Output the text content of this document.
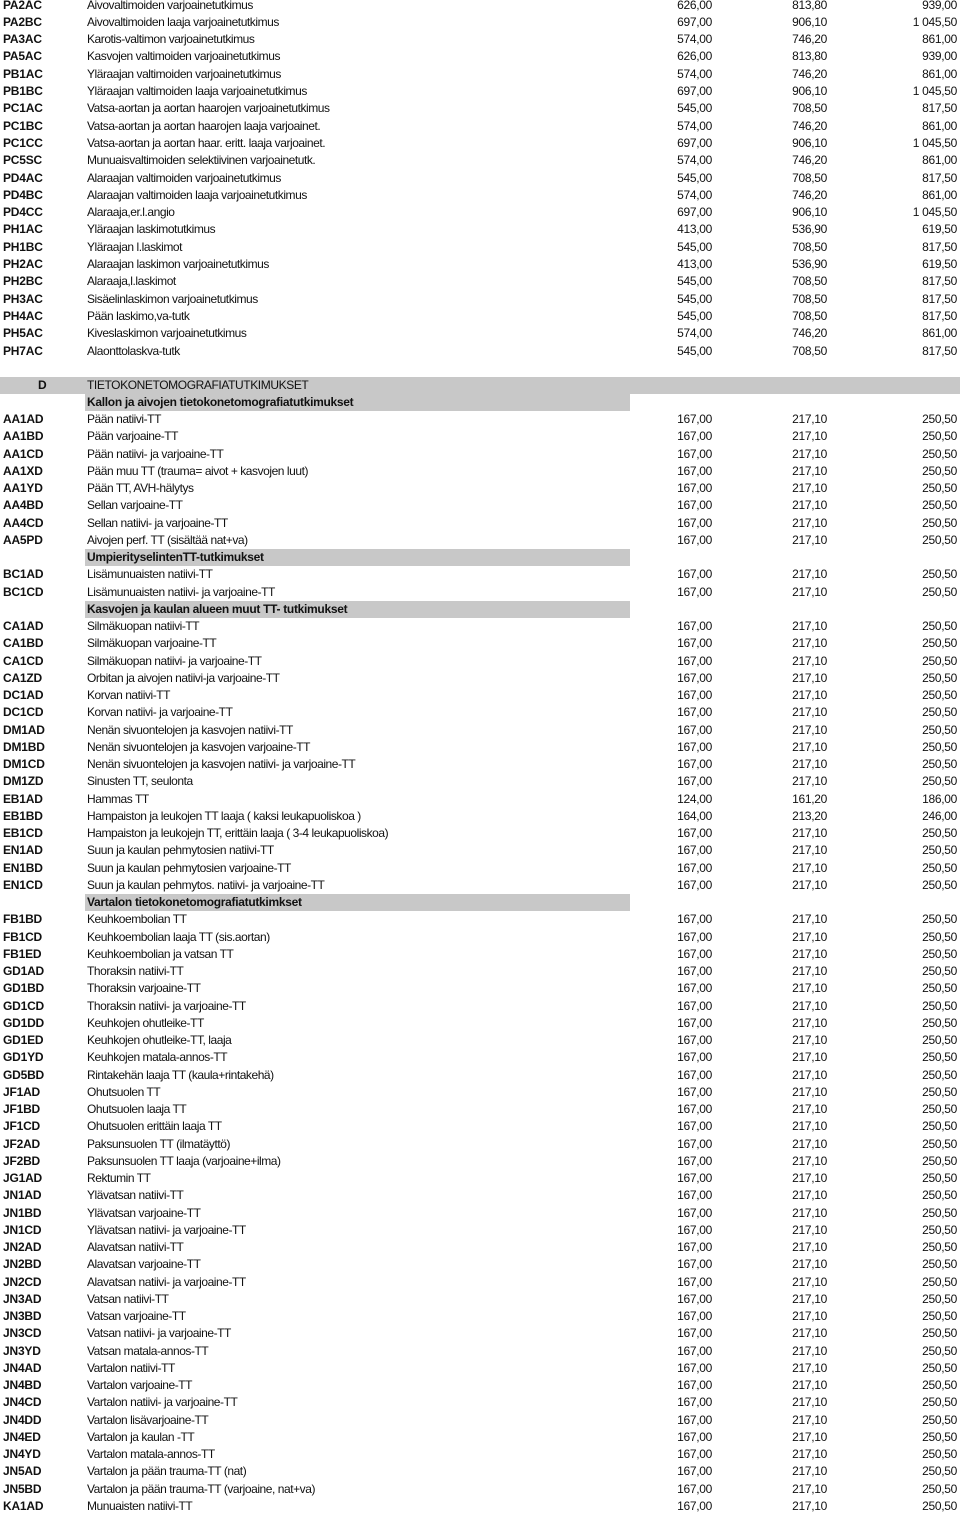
PA2AC	Aivovaltimoiden varjoainetutkimus	626,00	813,80	939,00
PA2BC	Aivovaltimoiden laaja varjoainetutkimus	697,00	906,10	1 045,50
PA3AC	Karotis-valtimon varjoainetutkimus	574,00	746,20	861,00
PA5AC	Kasvojen valtimoiden varjoainetutkimus	626,00	813,80	939,00
PB1AC	Yläraajan valtimoiden varjoainetutkimus	574,00	746,20	861,00
PB1BC	Yläraajan valtimoiden laaja varjoainetutkimus	697,00	906,10	1 045,50
PC1AC	Vatsa-aortan ja aortan haarojen varjoainetutkimus	545,00	708,50	817,50
PC1BC	Vatsa-aortan ja aortan haarojen laaja varjoainet.	574,00	746,20	861,00
PC1CC	Vatsa-aortan ja aortan haar. eritt. laaja varjoainet.	697,00	906,10	1 045,50
PC5SC	Munuaisvaltimoiden selektiivinen varjoainetutk.	574,00	746,20	861,00
PD4AC	Alaraajan valtimoiden varjoainetutkimus	545,00	708,50	817,50
PD4BC	Alaraajan valtimoiden laaja varjoainetutkimus	574,00	746,20	861,00
PD4CC	Alaraaja,er.l.angio	697,00	906,10	1 045,50
PH1AC	Yläraajan laskimotutkimus	413,00	536,90	619,50
PH1BC	Yläraajan l.laskimot	545,00	708,50	817,50
PH2AC	Alaraajan laskimon varjoainetutkimus	413,00	536,90	619,50
PH2BC	Alaraaja,l.laskimot	545,00	708,50	817,50
PH3AC	Sisäelinlaskimon varjoainetutkimus	545,00	708,50	817,50
PH4AC	Pään laskimo,va-tutk	545,00	708,50	817,50
PH5AC	Kiveslaskimon varjoainetutkimus	574,00	746,20	861,00
PH7AC	Alaonttolaskva-tutk	545,00	708,50	817,50
D	TIETOKONETOMOGRAFIATUTKIMUKSET
Kallon ja aivojen tietokonetomografiatutkimukset
AA1AD	Pään natiivi-TT	167,00	217,10	250,50
AA1BD	Pään varjoaine-TT	167,00	217,10	250,50
AA1CD	Pään natiivi- ja varjoaine-TT	167,00	217,10	250,50
AA1XD	Pään muu TT (trauma= aivot + kasvojen luut)	167,00	217,10	250,50
AA1YD	Pään TT, AVH-hälytys	167,00	217,10	250,50
AA4BD	Sellan varjoaine-TT	167,00	217,10	250,50
AA4CD	Sellan natiivi- ja varjoaine-TT	167,00	217,10	250,50
AA5PD	Aivojen perf. TT (sisältää nat+va)	167,00	217,10	250,50
UmpierityselintenTT-tutkimukset
BC1AD	Lisämunuaisten natiivi-TT	167,00	217,10	250,50
BC1CD	Lisämunuaisten natiivi- ja varjoaine-TT	167,00	217,10	250,50
Kasvojen ja kaulan alueen muut TT- tutkimukset
CA1AD	Silmäkuopan natiivi-TT	167,00	217,10	250,50
CA1BD	Silmäkuopan varjoaine-TT	167,00	217,10	250,50
CA1CD	Silmäkuopan natiivi- ja varjoaine-TT	167,00	217,10	250,50
CA1ZD	Orbitan ja aivojen natiivi-ja varjoaine-TT	167,00	217,10	250,50
DC1AD	Korvan natiivi-TT	167,00	217,10	250,50
DC1CD	Korvan natiivi- ja varjoaine-TT	167,00	217,10	250,50
DM1AD	Nenän sivuontelojen ja kasvojen natiivi-TT	167,00	217,10	250,50
DM1BD	Nenän sivuontelojen ja kasvojen varjoaine-TT	167,00	217,10	250,50
DM1CD	Nenän sivuontelojen ja kasvojen natiivi- ja varjoaine-TT	167,00	217,10	250,50
DM1ZD	Sinusten TT, seulonta	167,00	217,10	250,50
EB1AD	Hammas TT	124,00	161,20	186,00
EB1BD	Hampaiston ja leukojen TT laaja ( kaksi leukapuoliskoa )	164,00	213,20	246,00
EB1CD	Hampaiston ja leukojejn TT, erittäin laaja ( 3-4 leukapuoliskoa)	167,00	217,10	250,50
EN1AD	Suun ja kaulan pehmytosien natiivi-TT	167,00	217,10	250,50
EN1BD	Suun ja kaulan pehmytosien varjoaine-TT	167,00	217,10	250,50
EN1CD	Suun ja kaulan pehmytos. natiivi- ja varjoaine-TT	167,00	217,10	250,50
Vartalon tietokonetomografiatutkimkset
FB1BD	Keuhkoembolian TT	167,00	217,10	250,50
FB1CD	Keuhkoembolian laaja TT (sis.aortan)	167,00	217,10	250,50
FB1ED	Keuhkoembolian ja vatsan TT	167,00	217,10	250,50
GD1AD	Thoraksin natiivi-TT	167,00	217,10	250,50
GD1BD	Thoraksin varjoaine-TT	167,00	217,10	250,50
GD1CD	Thoraksin natiivi- ja varjoaine-TT	167,00	217,10	250,50
GD1DD	Keuhkojen ohutleike-TT	167,00	217,10	250,50
GD1ED	Keuhkojen ohutleike-TT, laaja	167,00	217,10	250,50
GD1YD	Keuhkojen matala-annos-TT	167,00	217,10	250,50
GD5BD	Rintakehän laaja TT (kaula+rintakehä)	167,00	217,10	250,50
JF1AD	Ohutsuolen TT	167,00	217,10	250,50
JF1BD	Ohutsuolen laaja TT	167,00	217,10	250,50
JF1CD	Ohutsuolen erittäin laaja TT	167,00	217,10	250,50
JF2AD	Paksunsuolen TT (ilmatäyttö)	167,00	217,10	250,50
JF2BD	Paksunsuolen TT laaja (varjoaine+ilma)	167,00	217,10	250,50
JG1AD	Rektumin TT	167,00	217,10	250,50
JN1AD	Ylävatsan natiivi-TT	167,00	217,10	250,50
JN1BD	Ylävatsan varjoaine-TT	167,00	217,10	250,50
JN1CD	Ylävatsan natiivi- ja varjoaine-TT	167,00	217,10	250,50
JN2AD	Alavatsan natiivi-TT	167,00	217,10	250,50
JN2BD	Alavatsan varjoaine-TT	167,00	217,10	250,50
JN2CD	Alavatsan natiivi- ja varjoaine-TT	167,00	217,10	250,50
JN3AD	Vatsan natiivi-TT	167,00	217,10	250,50
JN3BD	Vatsan varjoaine-TT	167,00	217,10	250,50
JN3CD	Vatsan natiivi- ja varjoaine-TT	167,00	217,10	250,50
JN3YD	Vatsan matala-annos-TT	167,00	217,10	250,50
JN4AD	Vartalon natiivi-TT	167,00	217,10	250,50
JN4BD	Vartalon varjoaine-TT	167,00	217,10	250,50
JN4CD	Vartalon natiivi- ja varjoaine-TT	167,00	217,10	250,50
JN4DD	Vartalon lisävarjoaine-TT	167,00	217,10	250,50
JN4ED	Vartalon ja kaulan -TT	167,00	217,10	250,50
JN4YD	Vartalon matala-annos-TT	167,00	217,10	250,50
JN5AD	Vartalon ja pään trauma-TT (nat)	167,00	217,10	250,50
JN5BD	Vartalon ja pään trauma-TT (varjoaine, nat+va)	167,00	217,10	250,50
KA1AD	Munuaisten natiivi-TT	167,00	217,10	250,50
